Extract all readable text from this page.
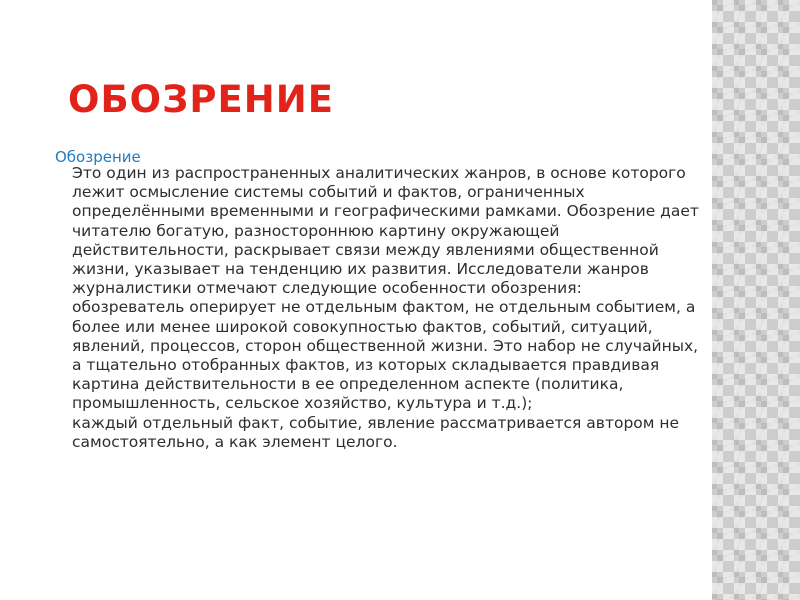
ОБОЗРЕНИЕ
Обозрение

Это один из распространенных аналитических жанров, в основе которого лежит осмысление системы событий и фактов, ограниченных определёнными временными и географическими рамками. Обозрение дает читателю богатую, разностороннюю картину окружающей действительности, раскрывает связи между явлениями общественной жизни, указывает на тенденцию их развития. Исследователи жанров журналистики отмечают следующие особенности обозрения:

обозреватель оперирует не отдельным фактом, не отдельным событием, а более или менее широкой совокупностью фактов, событий, ситуаций, явлений, процессов, сторон общественной жизни. Это набор не случайных, а тщательно отобранных фактов, из которых складывается правдивая картина действительности в ее определенном аспекте (политика, промышленность, сельское хозяйство, культура и т.д.);

каждый отдельный факт, событие, явление рассматривается автором не самостоятельно, а как элемент целого.
